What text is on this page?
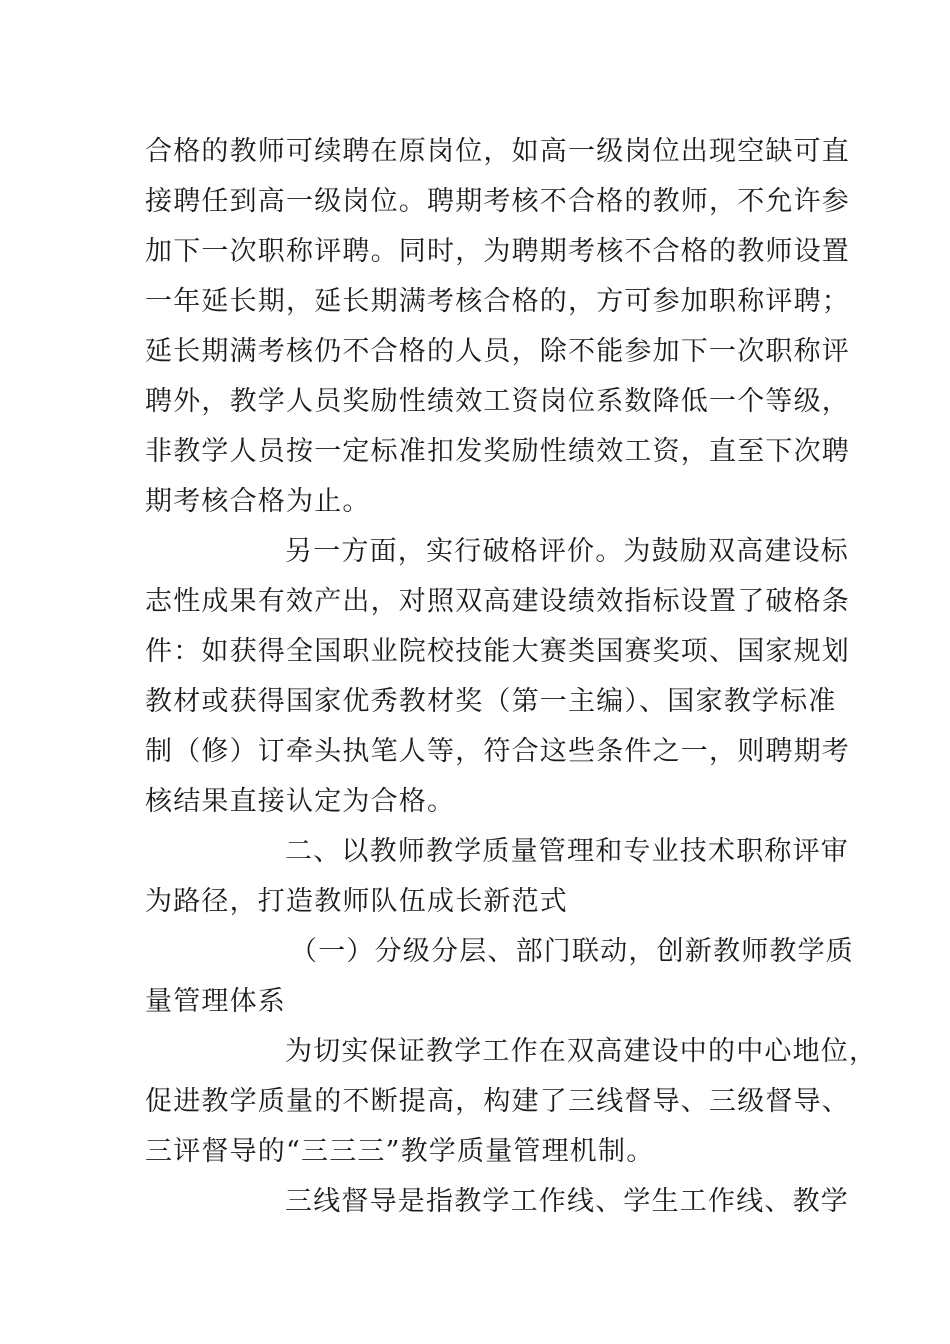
合格的教师可续聘在原岗位，如高一级岗位出现空缺可直
接聘任到高一级岗位。聘期考核不合格的教师，不允许参
加下一次职称评聘。同时，为聘期考核不合格的教师设置
一年延长期，延长期满考核合格的，方可参加职称评聘；
延长期满考核仍不合格的人员，除不能参加下一次职称评
聘外，教学人员奖励性绩效工资岗位系数降低一个等级，
非教学人员按一定标准扣发奖励性绩效工资，直至下次聘
期考核合格为止。
另一方面，实行破格评价。为鼓励双高建设标
志性成果有效产出，对照双高建设绩效指标设置了破格条
件：如获得全国职业院校技能大赛类国赛奖项、国家规划
教材或获得国家优秀教材奖（第一主编）、国家教学标准
制（修）订牵头执笔人等，符合这些条件之一，则聘期考
核结果直接认定为合格。
二、以教师教学质量管理和专业技术职称评审
为路径，打造教师队伍成长新范式
（一）分级分层、部门联动，创新教师教学质
量管理体系
为切实保证教学工作在双高建设中的中心地位，
促进教学质量的不断提高，构建了三线督导、三级督导、
三评督导的“三三三”教学质量管理机制。
三线督导是指教学工作线、学生工作线、教学
